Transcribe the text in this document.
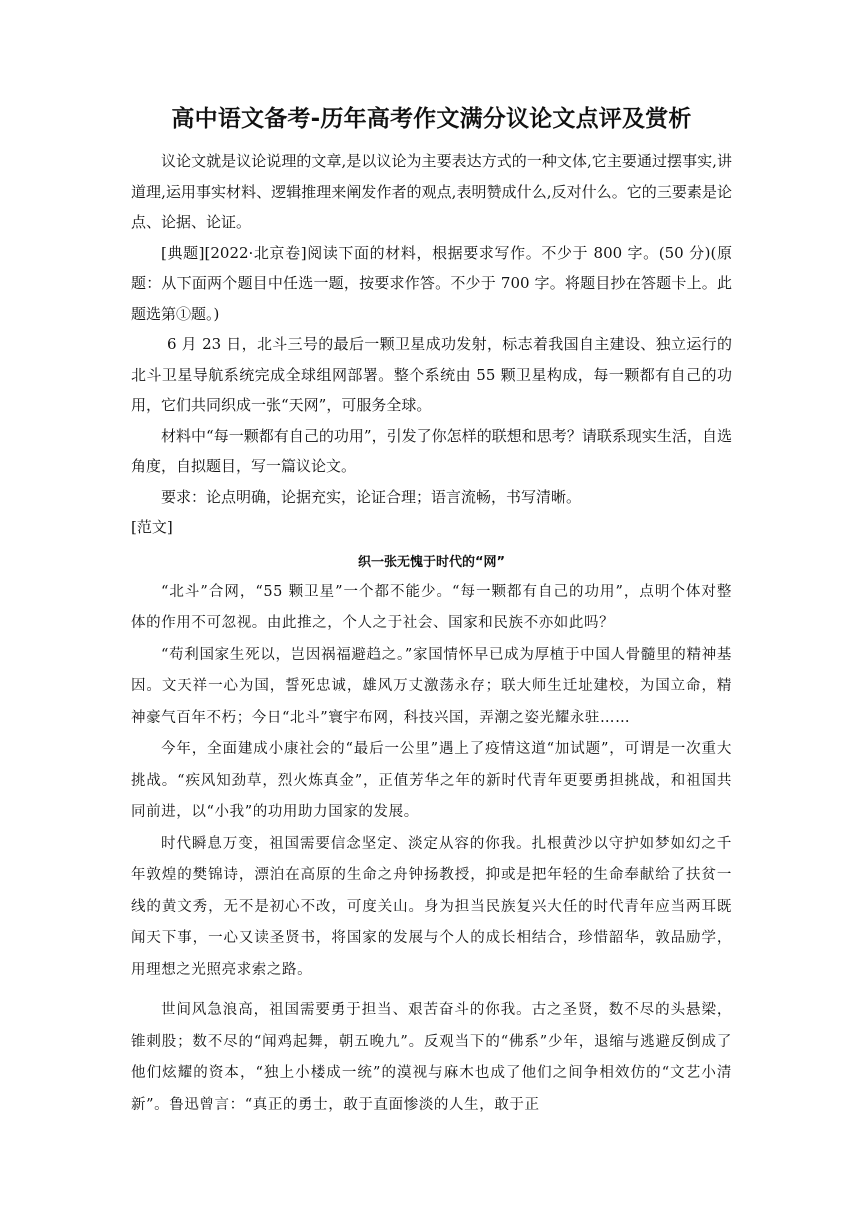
高中语文备考-历年高考作文满分议论文点评及赏析

议论文就是议论说理的文章,是以议论为主要表达方式的一种文体,它主要通过摆事实,讲道理,运用事实材料、逻辑推理来阐发作者的观点,表明赞成什么,反对什么。它的三要素是论点、论据、论证。

[典题][2022·北京卷]阅读下面的材料，根据要求写作。不少于 800 字。(50 分)(原题：从下面两个题目中任选一题，按要求作答。不少于 700 字。将题目抄在答题卡上。此题选第①题。)

6 月 23 日，北斗三号的最后一颗卫星成功发射，标志着我国自主建设、独立运行的北斗卫星导航系统完成全球组网部署。整个系统由 55 颗卫星构成，每一颗都有自己的功用，它们共同织成一张“天网”，可服务全球。

材料中“每一颗都有自己的功用”，引发了你怎样的联想和思考？请联系现实生活，自选角度，自拟题目，写一篇议论文。

要求：论点明确，论据充实，论证合理；语言流畅，书写清晰。

[范文]

织一张无愧于时代的“网”

“北斗”合网，“55 颗卫星”一个都不能少。“每一颗都有自己的功用”，点明个体对整体的作用不可忽视。由此推之，个人之于社会、国家和民族不亦如此吗？

“苟利国家生死以，岂因祸福避趋之。”家国情怀早已成为厚植于中国人骨髓里的精神基因。文天祥一心为国，誓死忠诚，雄风万丈激荡永存；联大师生迁址建校，为国立命，精神豪气百年不朽；今日“北斗”寰宇布网，科技兴国，弄潮之姿光耀永驻……

今年，全面建成小康社会的“最后一公里”遇上了疫情这道“加试题”，可谓是一次重大挑战。“疾风知劲草，烈火炼真金”，正值芳华之年的新时代青年更要勇担挑战，和祖国共同前进，以“小我”的功用助力国家的发展。

时代瞬息万变，祖国需要信念坚定、淡定从容的你我。扎根黄沙以守护如梦如幻之千年敦煌的樊锦诗，漂泊在高原的生命之舟钟扬教授，抑或是把年轻的生命奉献给了扶贫一线的黄文秀，无不是初心不改，可度关山。身为担当民族复兴大任的时代青年应当两耳既闻天下事，一心又读圣贤书，将国家的发展与个人的成长相结合，珍惜韶华，敦品励学，用理想之光照亮求索之路。

世间风急浪高，祖国需要勇于担当、艰苦奋斗的你我。古之圣贤，数不尽的头悬梁，锥刺股；数不尽的“闻鸡起舞，朝五晚九”。反观当下的“佛系”少年，退缩与逃避反倒成了他们炫耀的资本，“独上小楼成一统”的漠视与麻木也成了他们之间争相效仿的“文艺小清新”。鲁迅曾言：“真正的勇士，敢于直面惨淡的人生，敢于正
